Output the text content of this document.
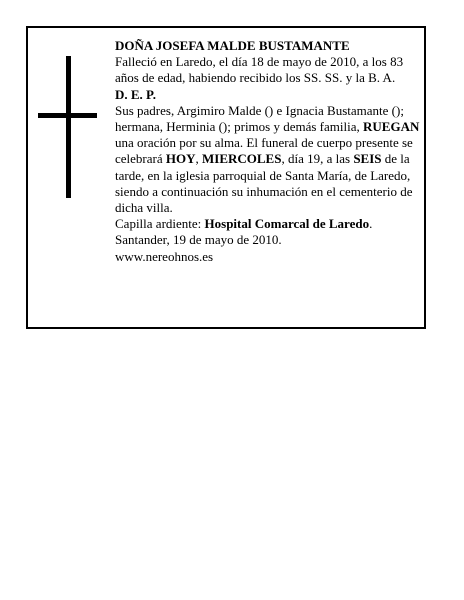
DOÑA JOSEFA MALDE BUSTAMANTE

Falleció en Laredo, el día 18 de mayo de 2010, a los 83 años de edad, habiendo recibido los SS. SS. y la B. A.

D. E. P.

Sus padres, Argimiro Malde () e Ignacia Bustamante (); hermana, Herminia (); primos y demás familia, RUEGAN una oración por su alma. El funeral de cuerpo presente se celebrará HOY, MIERCOLES, día 19, a las SEIS de la tarde, en la iglesia parroquial de Santa María, de Laredo, siendo a continuación su inhumación en el cementerio de dicha villa.

Capilla ardiente: Hospital Comarcal de Laredo.

Santander, 19 de mayo de 2010.

www.nereohnos.es
